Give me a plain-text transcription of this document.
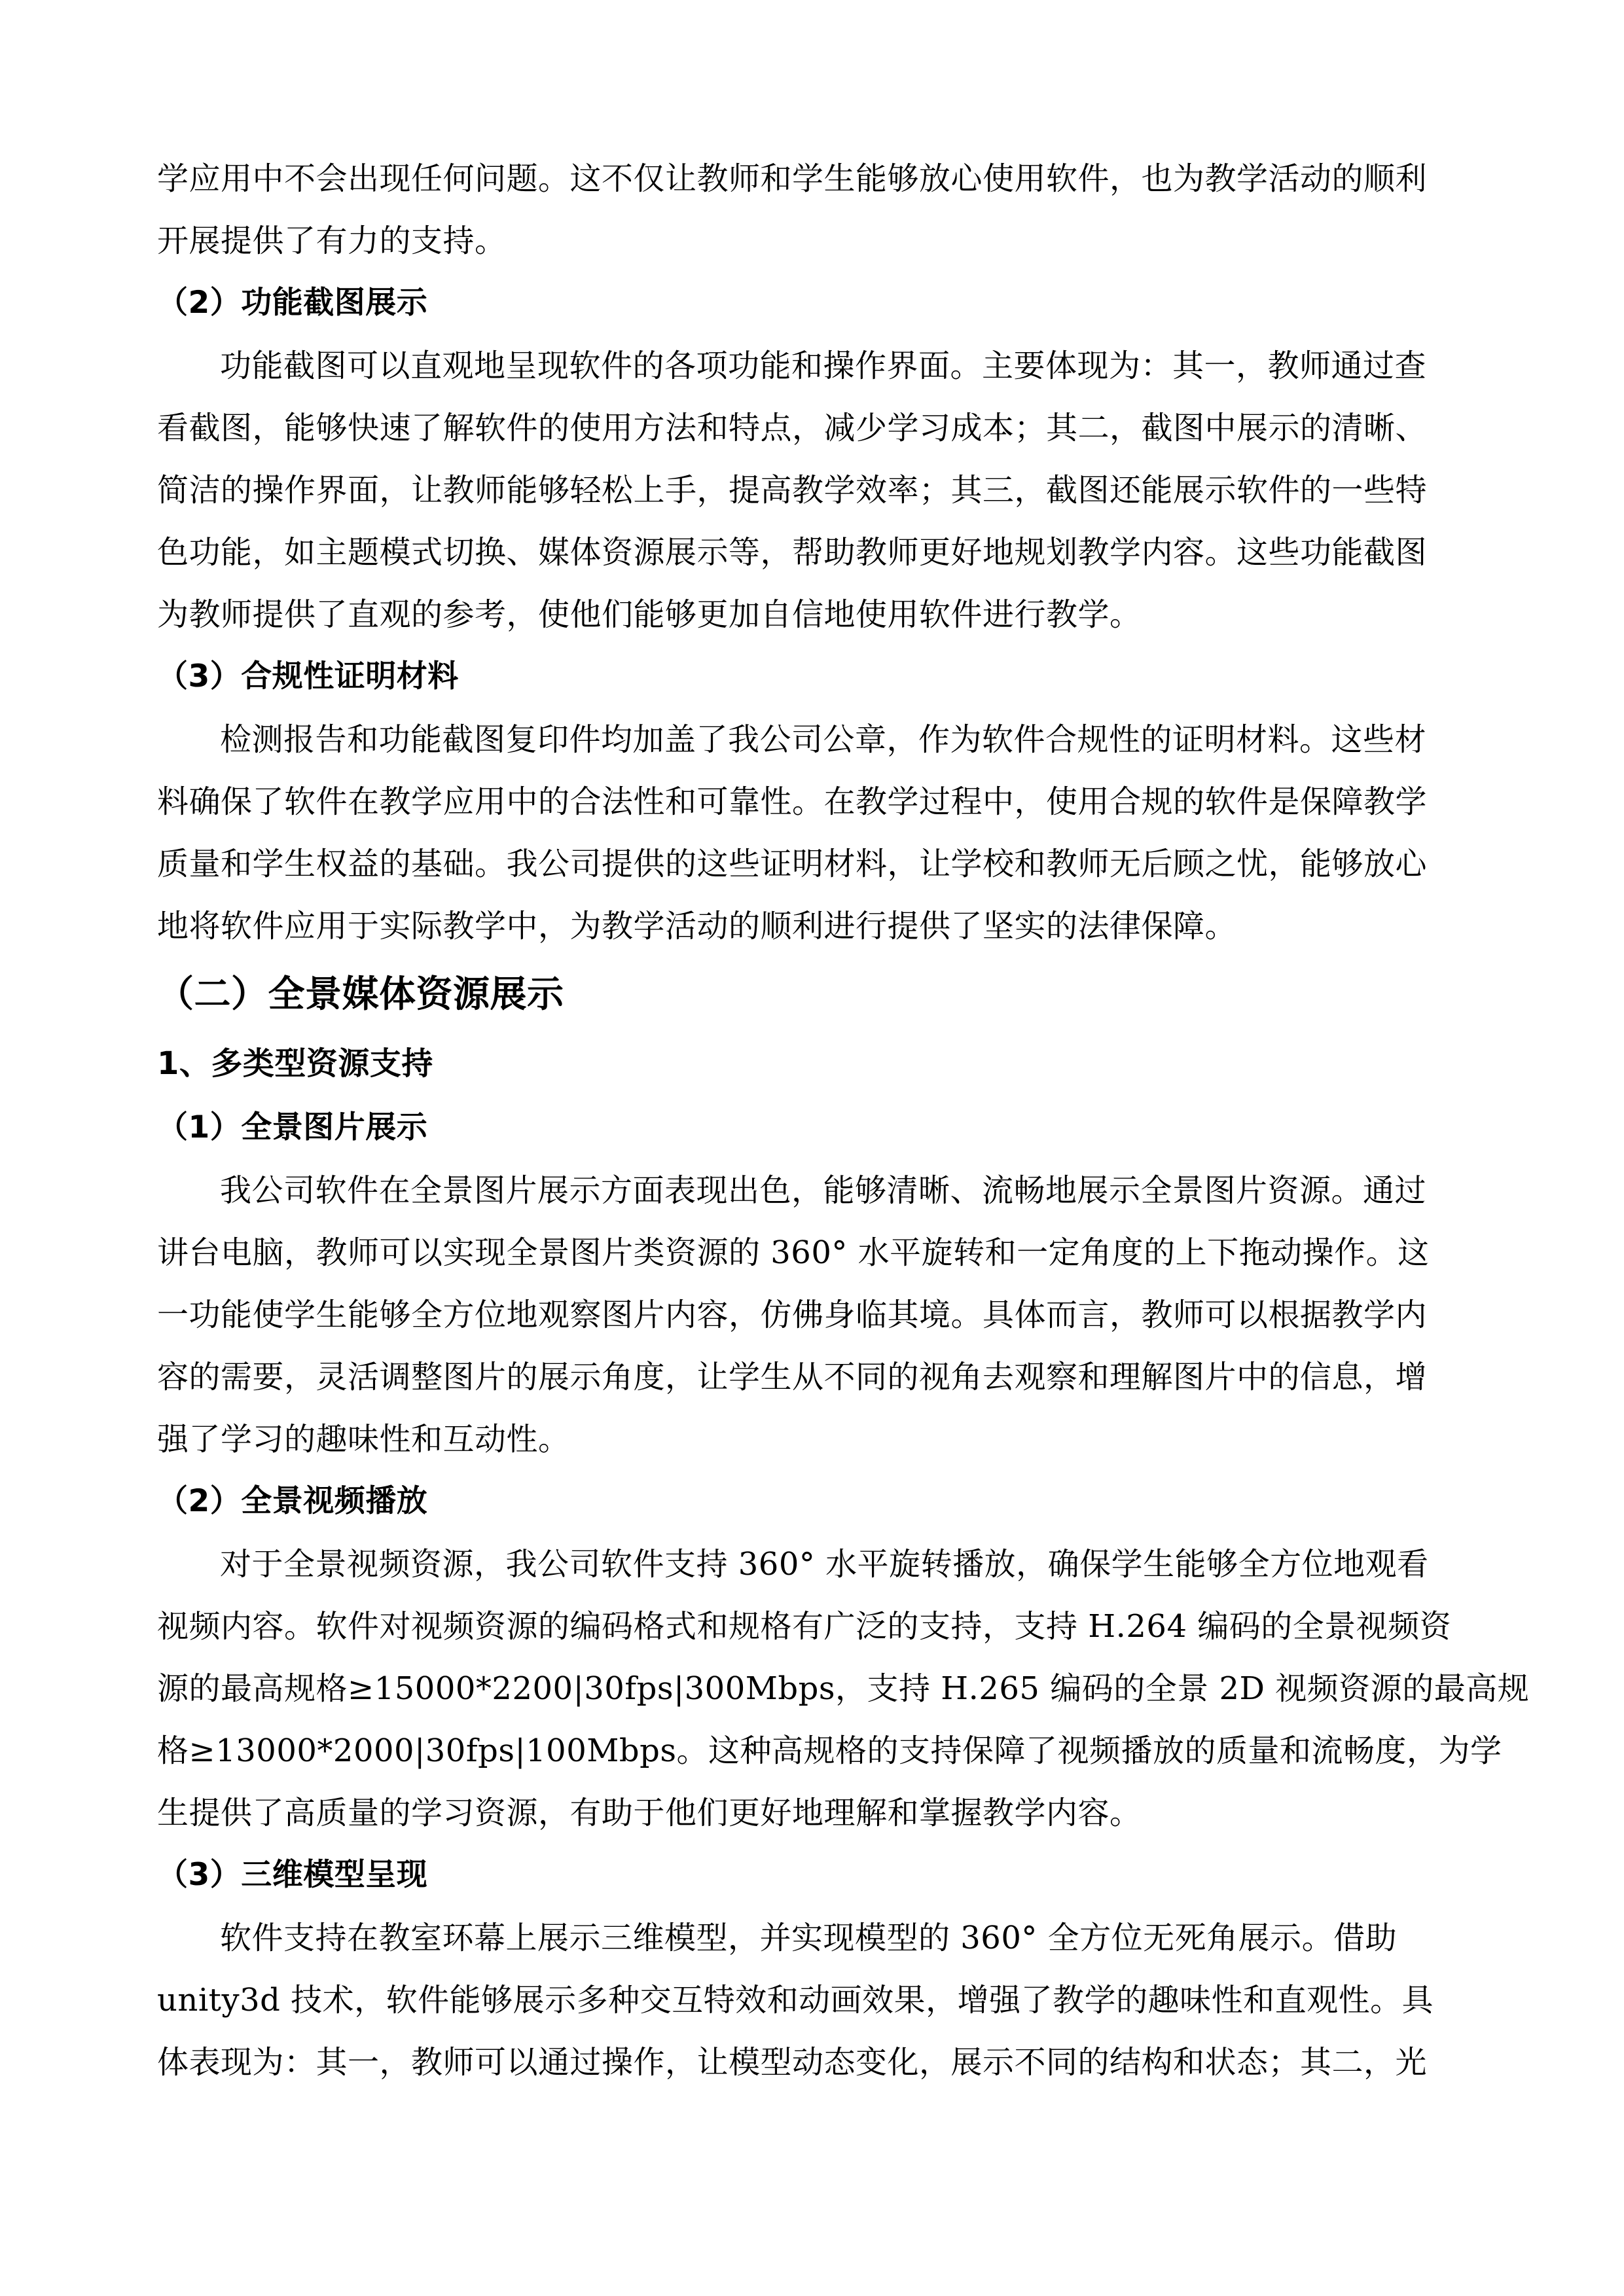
学应用中不会出现任何问题。这不仅让教师和学生能够放心使用软件，也为教学活动的顺利
开展提供了有力的支持。
（2）功能截图展示
功能截图可以直观地呈现软件的各项功能和操作界面。主要体现为：其一，教师通过查
看截图，能够快速了解软件的使用方法和特点，减少学习成本；其二，截图中展示的清晰、
简洁的操作界面，让教师能够轻松上手，提高教学效率；其三，截图还能展示软件的一些特
色功能，如主题模式切换、媒体资源展示等，帮助教师更好地规划教学内容。这些功能截图
为教师提供了直观的参考，使他们能够更加自信地使用软件进行教学。
（3）合规性证明材料
检测报告和功能截图复印件均加盖了我公司公章，作为软件合规性的证明材料。这些材
料确保了软件在教学应用中的合法性和可靠性。在教学过程中，使用合规的软件是保障教学
质量和学生权益的基础。我公司提供的这些证明材料，让学校和教师无后顾之忧，能够放心
地将软件应用于实际教学中，为教学活动的顺利进行提供了坚实的法律保障。
（二）全景媒体资源展示
1、多类型资源支持
（1）全景图片展示
我公司软件在全景图片展示方面表现出色，能够清晰、流畅地展示全景图片资源。通过
讲台电脑，教师可以实现全景图片类资源的 360° 水平旋转和一定角度的上下拖动操作。这
一功能使学生能够全方位地观察图片内容，仿佛身临其境。具体而言，教师可以根据教学内
容的需要，灵活调整图片的展示角度，让学生从不同的视角去观察和理解图片中的信息，增
强了学习的趣味性和互动性。
（2）全景视频播放
对于全景视频资源，我公司软件支持 360° 水平旋转播放，确保学生能够全方位地观看
视频内容。软件对视频资源的编码格式和规格有广泛的支持，支持 H.264 编码的全景视频资
源的最高规格≥15000*2200|30fps|300Mbps，支持 H.265 编码的全景 2D 视频资源的最高规
格≥13000*2000|30fps|100Mbps。这种高规格的支持保障了视频播放的质量和流畅度，为学
生提供了高质量的学习资源，有助于他们更好地理解和掌握教学内容。
（3）三维模型呈现
软件支持在教室环幕上展示三维模型，并实现模型的 360° 全方位无死角展示。借助
unity3d 技术，软件能够展示多种交互特效和动画效果，增强了教学的趣味性和直观性。具
体表现为：其一，教师可以通过操作，让模型动态变化，展示不同的结构和状态；其二，光
